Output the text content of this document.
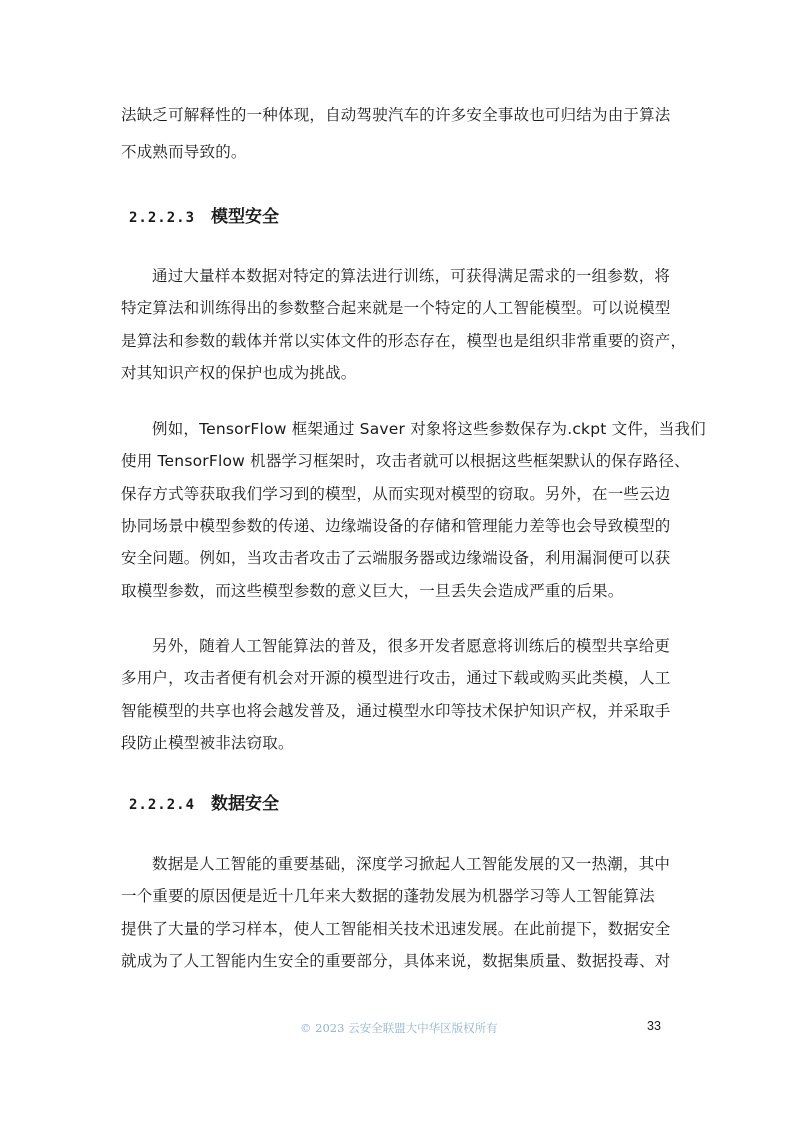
法缺乏可解释性的一种体现，自动驾驶汽车的许多安全事故也可归结为由于算法
不成熟而导致的。
2.2.2.3 模型安全
通过大量样本数据对特定的算法进行训练，可获得满足需求的一组参数，将
特定算法和训练得出的参数整合起来就是一个特定的人工智能模型。可以说模型
是算法和参数的载体并常以实体文件的形态存在，模型也是组织非常重要的资产，
对其知识产权的保护也成为挑战。
例如，TensorFlow 框架通过 Saver 对象将这些参数保存为.ckpt 文件，当我们
使用 TensorFlow 机器学习框架时，攻击者就可以根据这些框架默认的保存路径、
保存方式等获取我们学习到的模型，从而实现对模型的窃取。另外，在一些云边
协同场景中模型参数的传递、边缘端设备的存储和管理能力差等也会导致模型的
安全问题。例如，当攻击者攻击了云端服务器或边缘端设备，利用漏洞便可以获
取模型参数，而这些模型参数的意义巨大，一旦丢失会造成严重的后果。
另外，随着人工智能算法的普及，很多开发者愿意将训练后的模型共享给更
多用户，攻击者便有机会对开源的模型进行攻击，通过下载或购买此类模，人工
智能模型的共享也将会越发普及，通过模型水印等技术保护知识产权，并采取手
段防止模型被非法窃取。
2.2.2.4 数据安全
数据是人工智能的重要基础，深度学习掀起人工智能发展的又一热潮，其中
一个重要的原因便是近十几年来大数据的蓬勃发展为机器学习等人工智能算法
提供了大量的学习样本，使人工智能相关技术迅速发展。在此前提下，数据安全
就成为了人工智能内生安全的重要部分，具体来说，数据集质量、数据投毒、对
© 2023 云安全联盟大中华区版权所有	33
